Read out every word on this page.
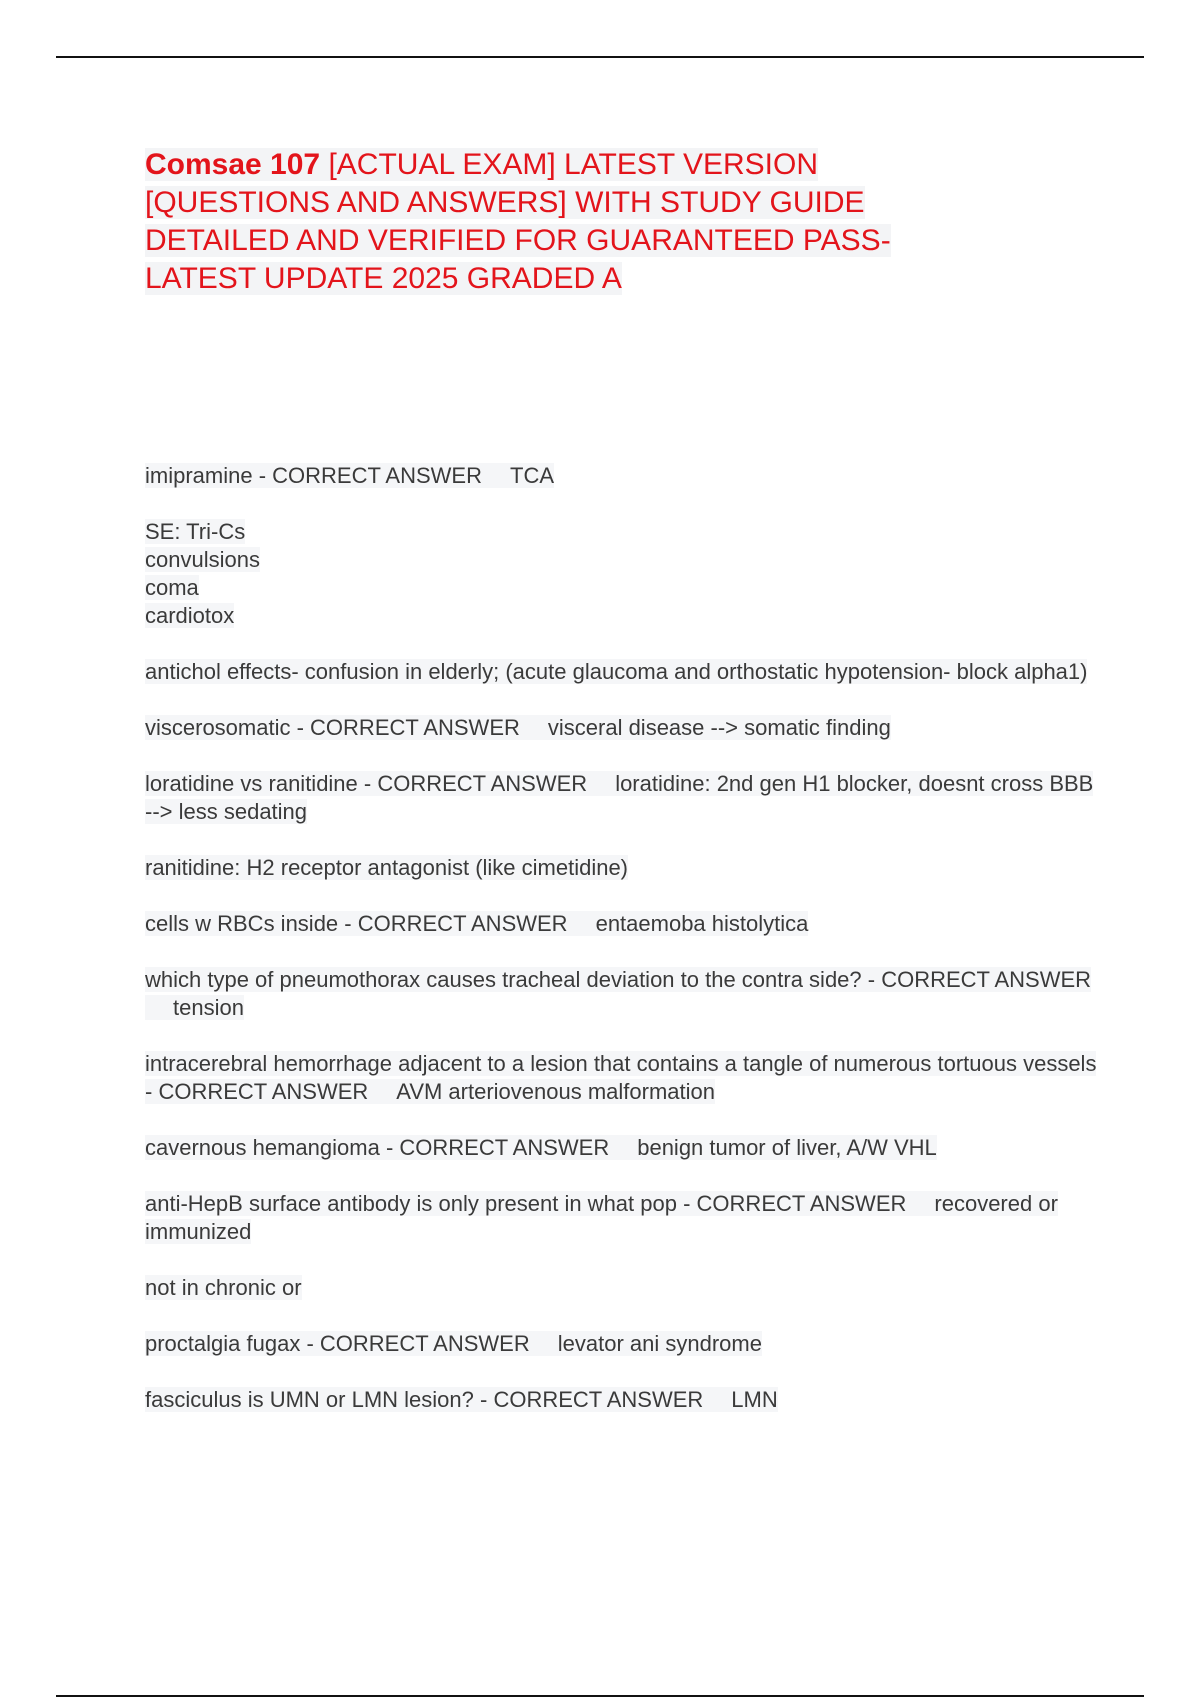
Comsae 107 [ACTUAL EXAM] LATEST VERSION [QUESTIONS AND ANSWERS] WITH STUDY GUIDE DETAILED AND VERIFIED FOR GUARANTEED PASS-LATEST UPDATE 2025 GRADED A

imipramine - CORRECT ANSWER TCA

SE: Tri-Cs
convulsions
coma
cardiotox

antichol effects- confusion in elderly; (acute glaucoma and orthostatic hypotension- block alpha1)

viscerosomatic - CORRECT ANSWER visceral disease --> somatic finding

loratidine vs ranitidine - CORRECT ANSWER loratidine: 2nd gen H1 blocker, doesnt cross BBB --> less sedating

ranitidine: H2 receptor antagonist (like cimetidine)

cells w RBCs inside - CORRECT ANSWER entaemoba histolytica

which type of pneumothorax causes tracheal deviation to the contra side? - CORRECT ANSWERtension

intracerebral hemorrhage adjacent to a lesion that contains a tangle of numerous tortuous vessels - CORRECT ANSWER AVM arteriovenous malformation

cavernous hemangioma - CORRECT ANSWER benign tumor of liver, A/W VHL

anti-HepB surface antibody is only present in what pop - CORRECT ANSWER recovered or immunized

not in chronic or

proctalgia fugax - CORRECT ANSWER levator ani syndrome

fasciculus is UMN or LMN lesion? - CORRECT ANSWER LMN
